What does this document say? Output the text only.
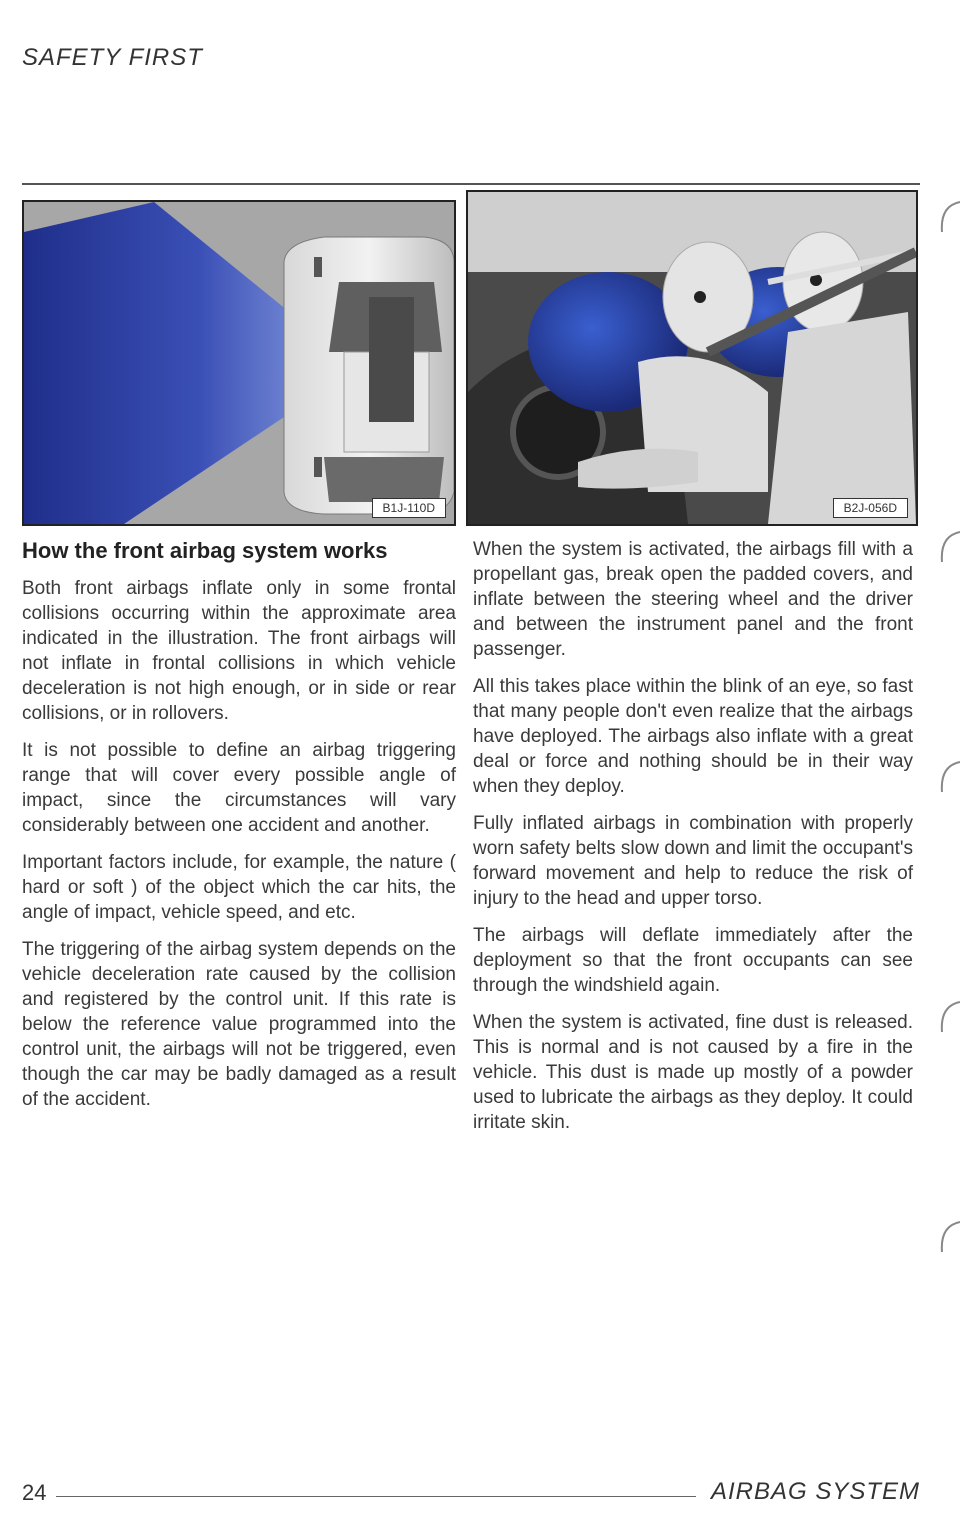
SAFETY FIRST
B1J-110D	B2J-056D
How the front airbag system works

Both front airbags inflate only in some frontal collisions occurring within the approximate area indicated in the illustration. The front airbags will not inflate in frontal collisions in which vehicle deceleration is not high enough, or in side or rear collisions, or in rollovers.

It is not possible to define an airbag triggering range that will cover every possible angle of impact, since the circumstances will vary considerably between one accident and another.

Important factors include, for example, the nature ( hard or soft ) of the object which the car hits, the angle of impact, vehicle speed, and etc.

The triggering of the airbag system depends on the vehicle deceleration rate caused by the collision and registered by the control unit. If this rate is below the reference value programmed into the control unit, the airbags will not be triggered, even though the car may be badly damaged as a result of the accident.

When the system is activated, the airbags fill with a propellant gas, break open the padded covers, and inflate between the steering wheel and the driver and between the instrument panel and the front passenger.

All this takes place within the blink of an eye, so fast that many people don't even realize that the airbags have deployed. The airbags also inflate with a great deal or force and nothing should be in their way when they deploy.

Fully inflated airbags in combination with properly worn safety belts slow down and limit the occupant's forward movement and help to reduce the risk of injury to the head and upper torso.

The airbags will deflate immediately after the deployment so that the front occupants can see through the windshield again.

When the system is activated, fine dust is released. This is normal and is not caused by a fire in the vehicle. This dust is made up mostly of a powder used to lubricate the airbags as they deploy. It could irritate skin.

24	AIRBAG SYSTEM
